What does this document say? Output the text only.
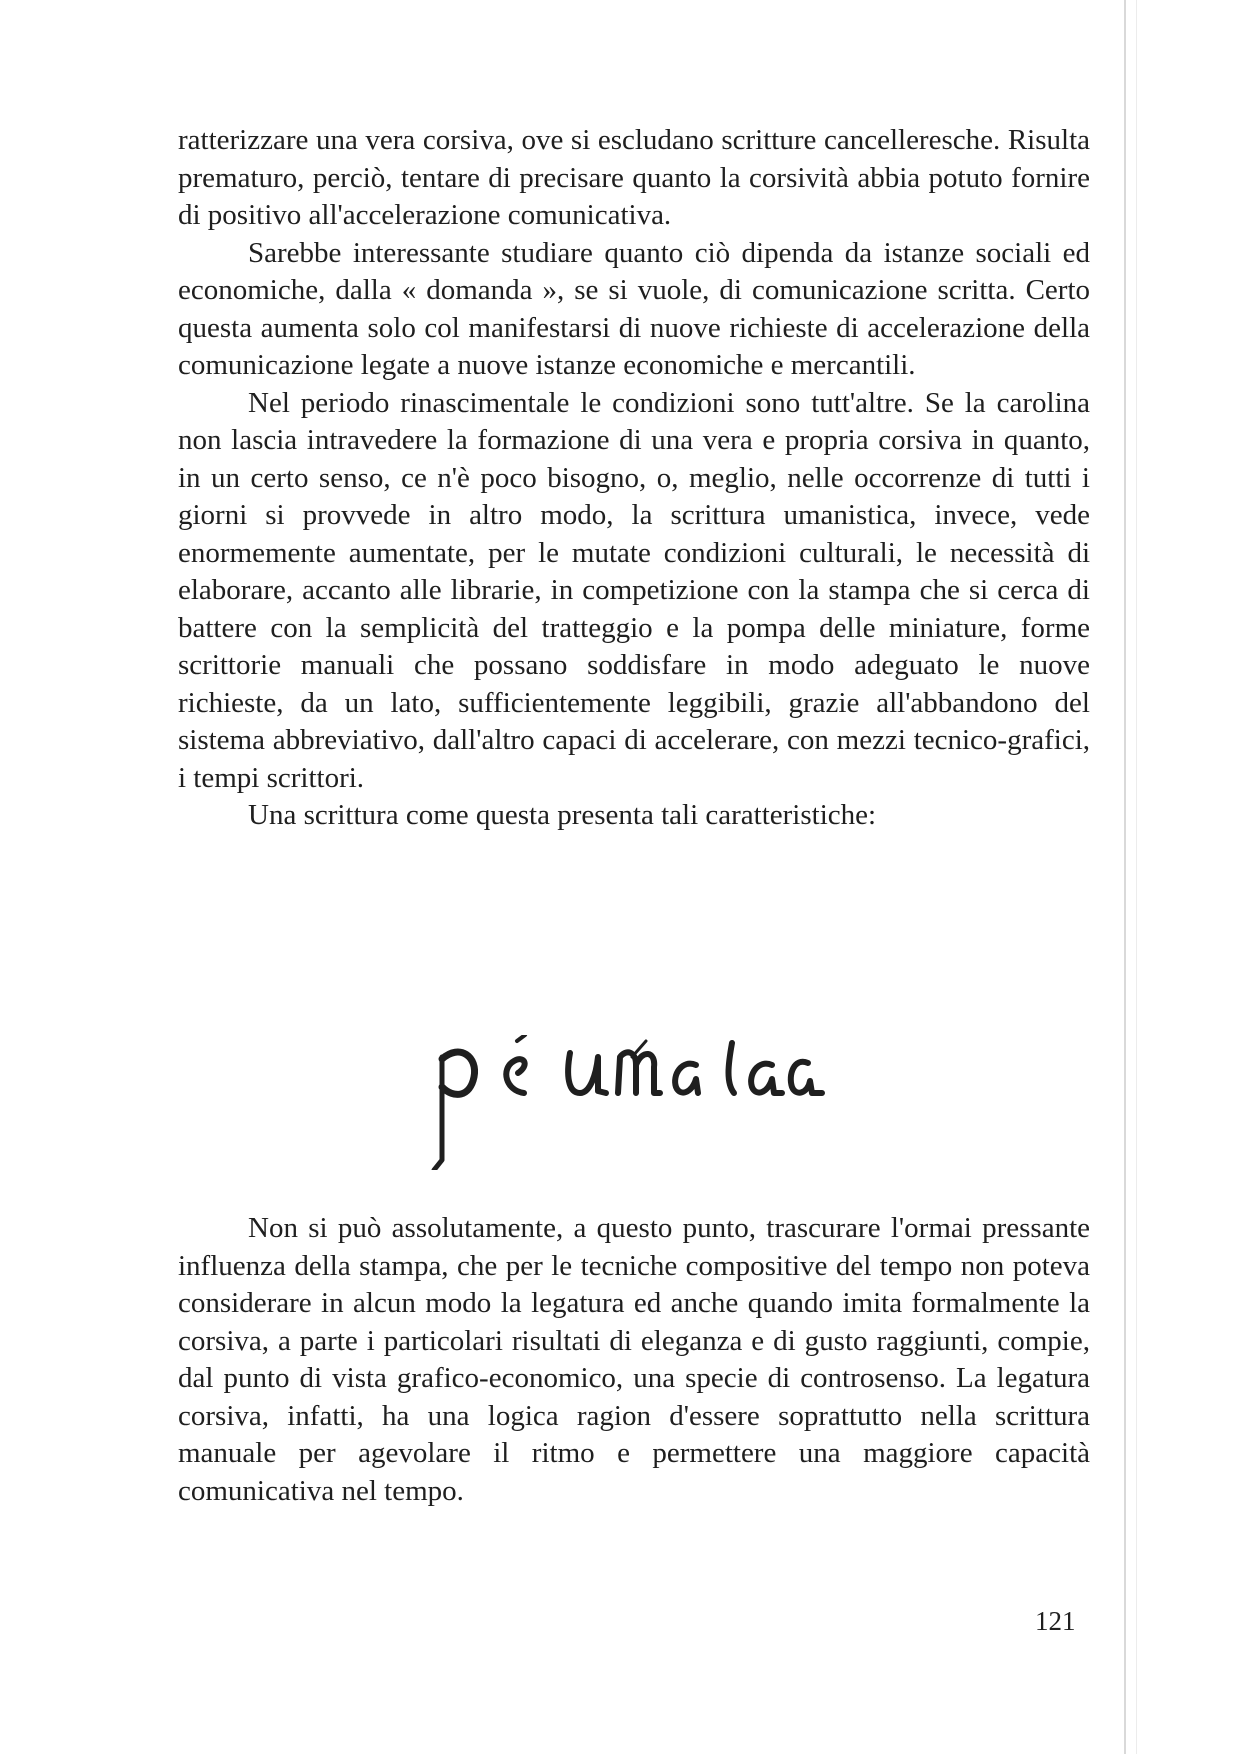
ratterizzare una vera corsiva, ove si escludano scritture cancelleresche. Risulta prematuro, perciò, tentare di precisare quanto la corsività abbia potuto fornire di positivo all'accelerazione comunicativa.

Sarebbe interessante studiare quanto ciò dipenda da istanze sociali ed economiche, dalla « domanda », se si vuole, di comunicazione scritta. Certo questa aumenta solo col manifestarsi di nuove richieste di accelerazione della comunicazione legate a nuove istanze economiche e mercantili.

Nel periodo rinascimentale le condizioni sono tutt'altre. Se la carolina non lascia intravedere la formazione di una vera e propria corsiva in quanto, in un certo senso, ce n'è poco bisogno, o, meglio, nelle occorrenze di tutti i giorni si provvede in altro modo, la scrittura umanistica, invece, vede enormemente aumentate, per le mutate condizioni culturali, le necessità di elaborare, accanto alle librarie, in competizione con la stampa che si cerca di battere con la semplicità del tratteggio e la pompa delle miniature, forme scrittorie manuali che possano soddisfare in modo adeguato le nuove richieste, da un lato, sufficientemente leggibili, grazie all'abbandono del sistema abbreviativo, dall'altro capaci di accelerare, con mezzi tecnico-grafici, i tempi scrittori.

Una scrittura come questa presenta tali caratteristiche:

Non si può assolutamente, a questo punto, trascurare l'ormai pressante influenza della stampa, che per le tecniche compositive del tempo non poteva considerare in alcun modo la legatura ed anche quando imita formalmente la corsiva, a parte i particolari risultati di eleganza e di gusto raggiunti, compie, dal punto di vista grafico-economico, una specie di controsenso. La legatura corsiva, infatti, ha una logica ragion d'essere soprattutto nella scrittura manuale per agevolare il ritmo e permettere una maggiore capacità comunicativa nel tempo.

121
